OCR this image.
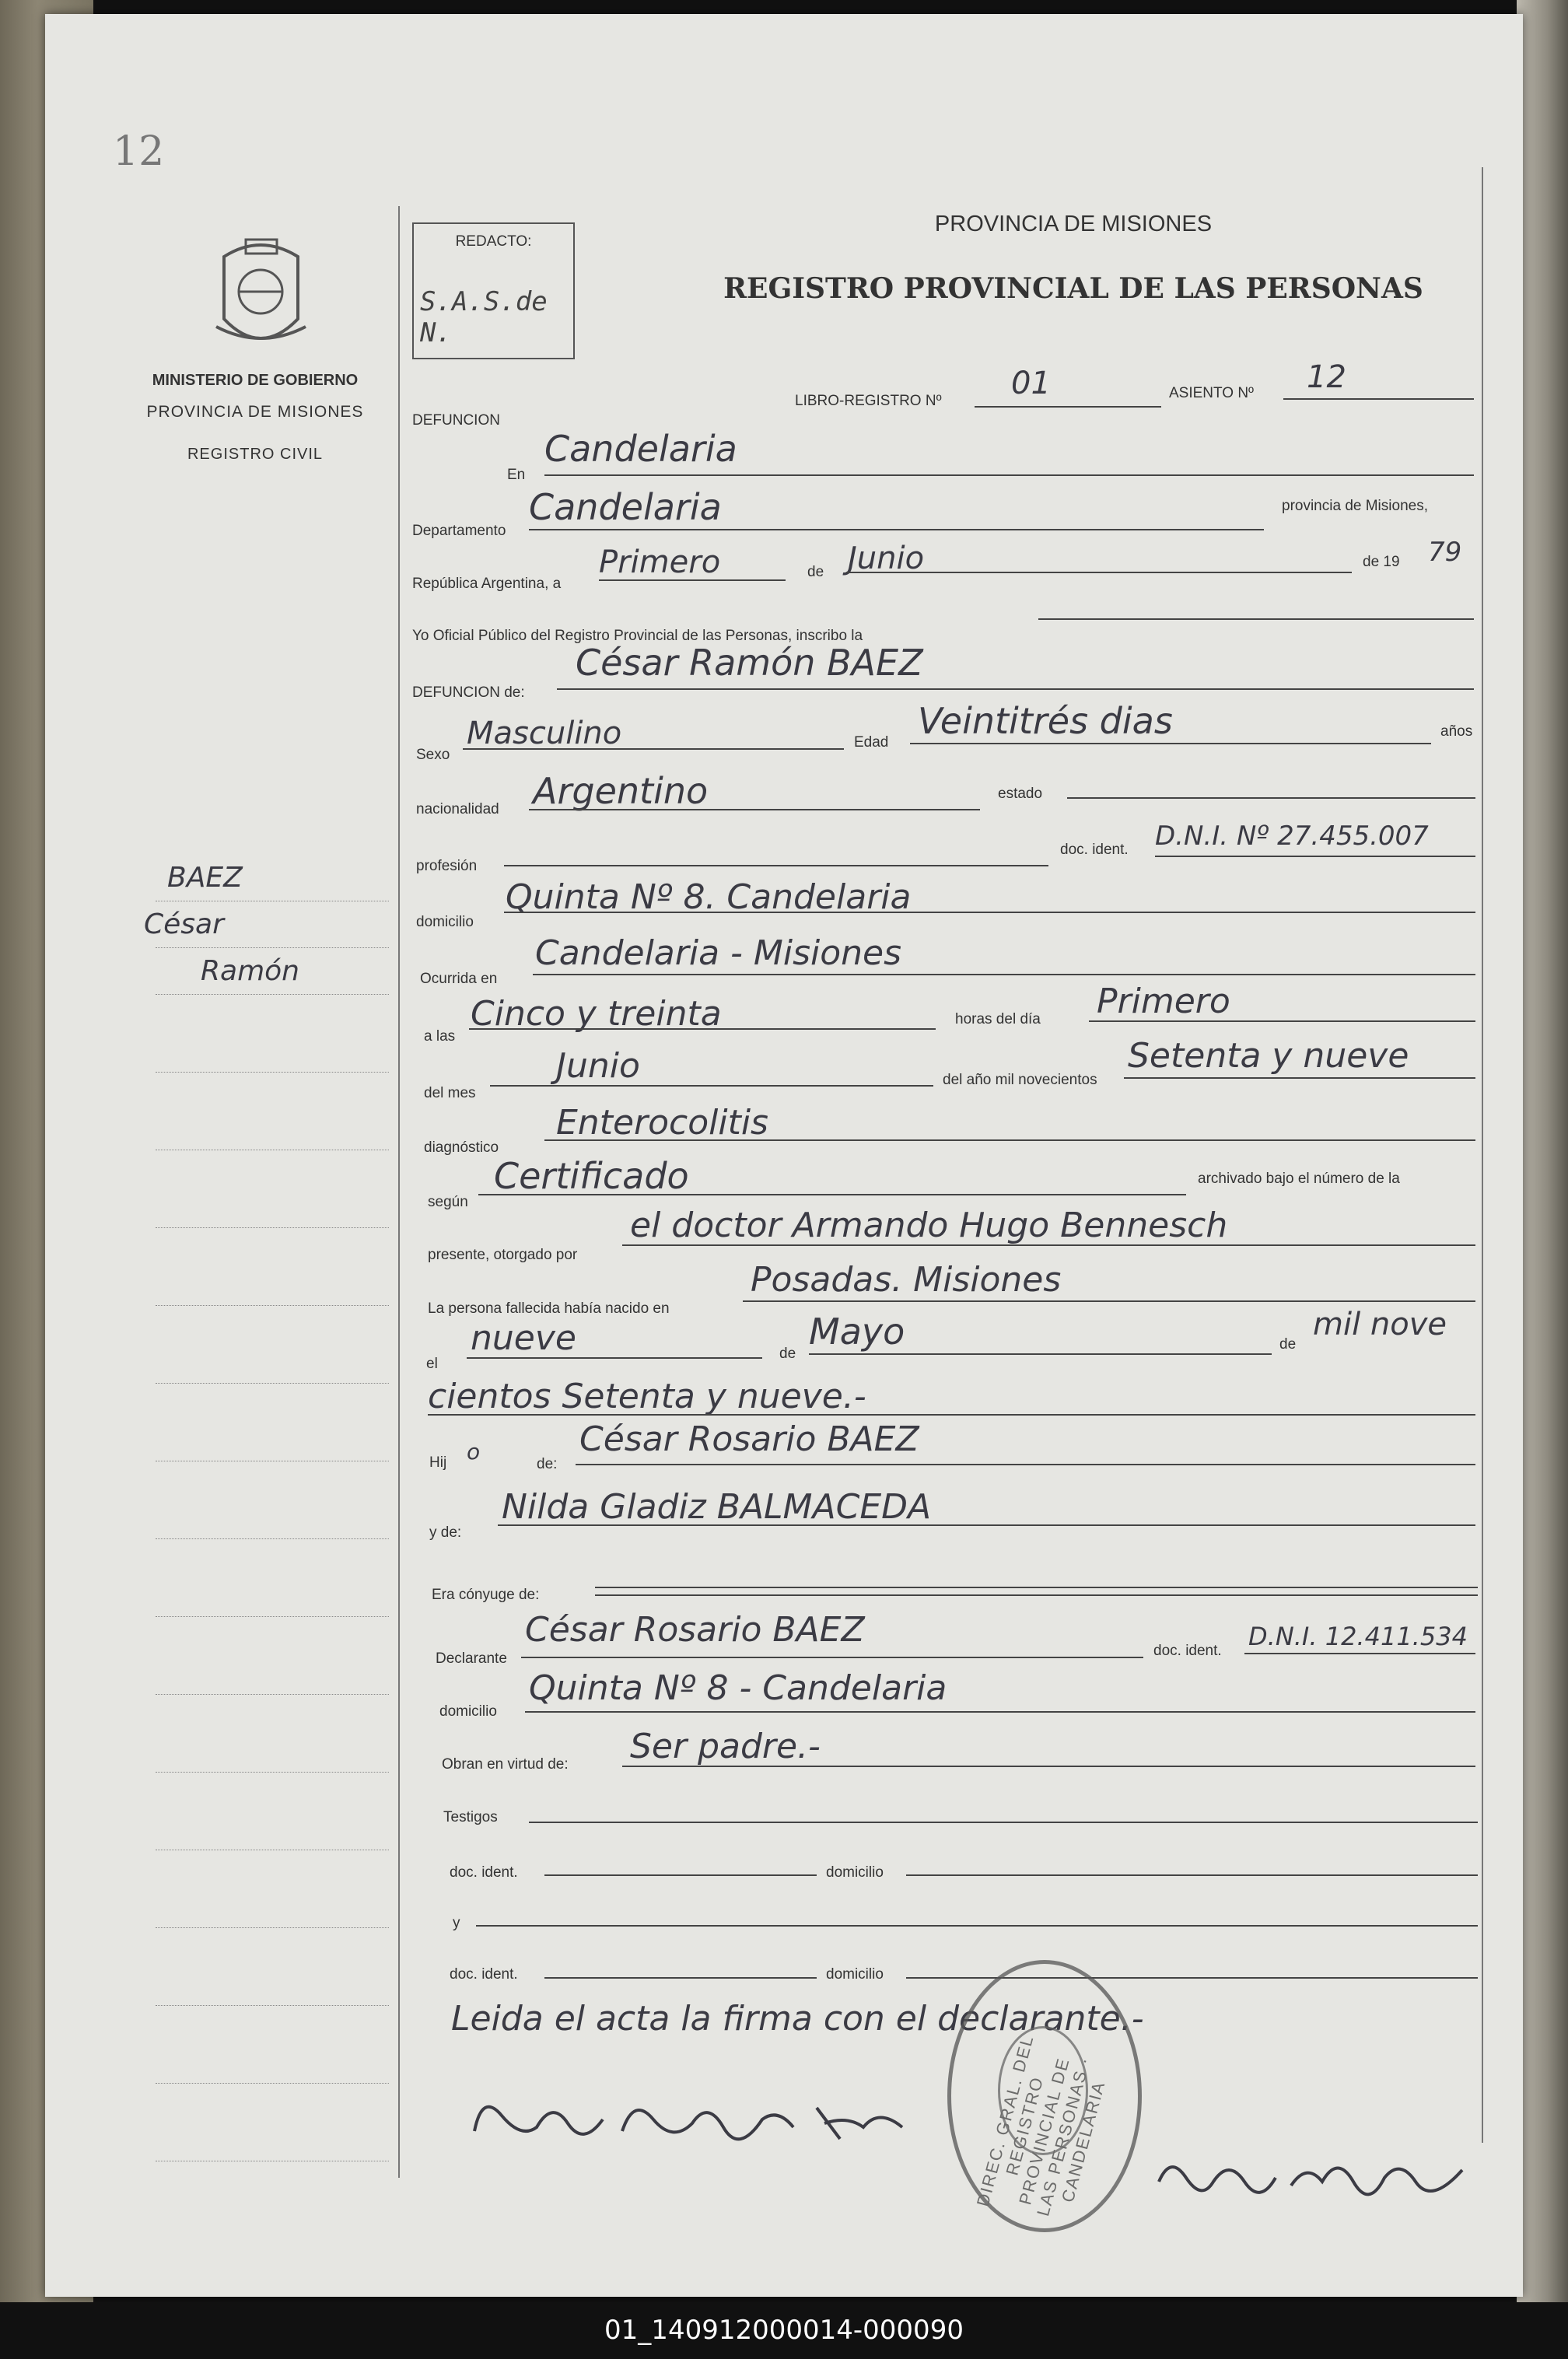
12
MINISTERIO DE GOBIERNO
PROVINCIA DE MISIONES
REGISTRO CIVIL
REDACTO:
S.A.S.de N.
PROVINCIA DE MISIONES
REGISTRO PROVINCIAL DE LAS PERSONAS
BAEZ
César
Ramón
DEFUNCION
LIBRO-REGISTRO Nº 01	ASIENTO Nº 12
En
Candelaria
Departamento
Candelaria	provincia de Misiones,
República Argentina, a
Primero	de Junio	de 19 79
Yo Oficial Público del Registro Provincial de las Personas, inscribo la
DEFUNCION de:
César Ramón BAEZ
Sexo
Masculino	Edad
Veintitrés dias	años
nacionalidad Argentino	estado
profesión
doc. ident. D.N.I. Nº 27.455.007
domicilio
Quinta Nº 8. Candelaria
Ocurrida en
Candelaria - Misiones
a las
Cinco y treinta	horas del día Primero
del mes
Junio	del año mil novecientos
Setenta y nueve
diagnóstico
Enterocolitis
según
Certificado	archivado bajo el número de la
presente, otorgado por
el doctor Armando Hugo Bennesch
La persona fallecida había nacido en
Posadas. Misiones
el
nueve	de
Mayo	de
mil nove
cientos Setenta y nueve.-
Hij o	de:
César Rosario BAEZ
y de:
Nilda Gladiz BALMACEDA
Era cónyuge de:
Declarante
César Rosario BAEZ
doc. ident. D.N.I. 12.411.534
domicilio
Quinta Nº 8 - Candelaria
Obran en virtud de: Ser padre.-
Testigos
doc. ident.	domicilio
y
doc. ident.	domicilio
Leida el acta la firma con el declarante.-
DIREC. GRAL. DEL REGISTRO PROVINCIAL DE LAS PERSONAS · CANDELARIA
01_140912000014-000090
